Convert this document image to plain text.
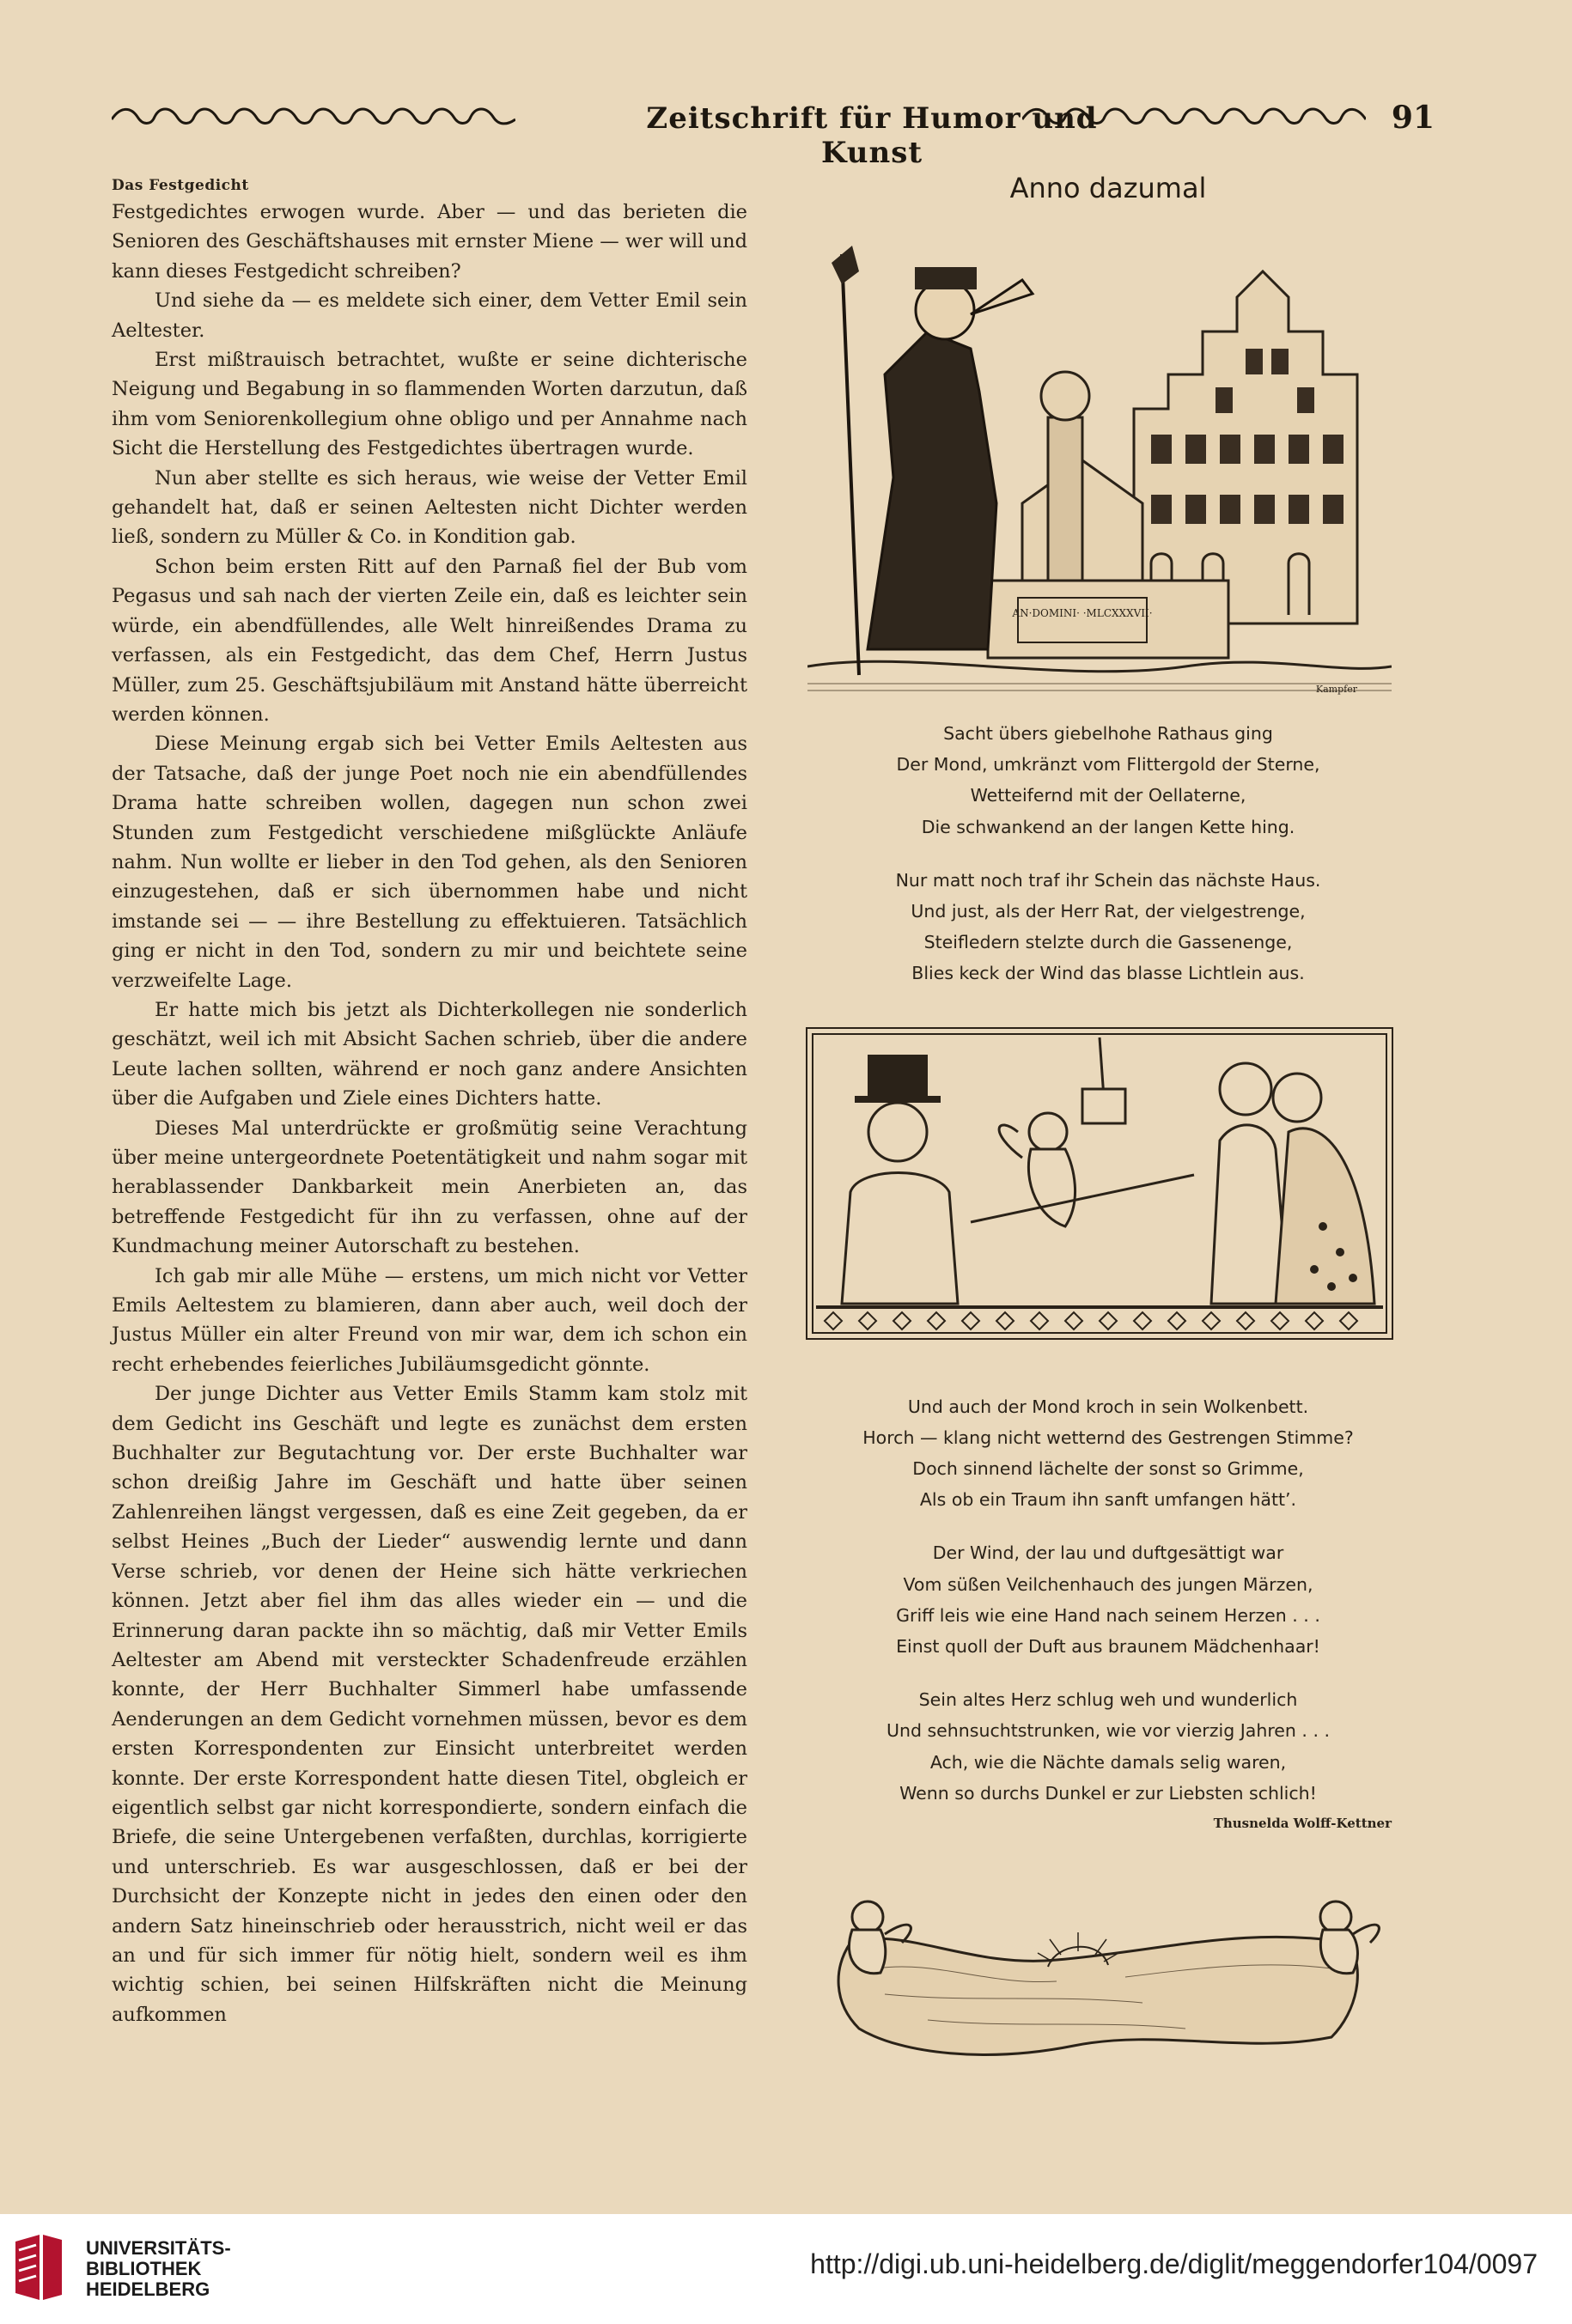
Zeitschrift für Humor und Kunst
91
Das Festgedicht

Festgedichtes erwogen wurde. Aber — und das berieten die Senioren des Geschäftshauses mit ernster Miene — wer will und kann dieses Festgedicht schreiben?

Und siehe da — es meldete sich einer, dem Vetter Emil sein Aeltester.

Erst mißtrauisch betrachtet, wußte er seine dichterische Neigung und Begabung in so flammenden Worten darzutun, daß ihm vom Seniorenkollegium ohne obligo und per Annahme nach Sicht die Herstellung des Festgedichtes übertragen wurde.

Nun aber stellte es sich heraus, wie weise der Vetter Emil gehandelt hat, daß er seinen Aeltesten nicht Dichter werden ließ, sondern zu Müller & Co. in Kondition gab.

Schon beim ersten Ritt auf den Parnaß fiel der Bub vom Pegasus und sah nach der vierten Zeile ein, daß es leichter sein würde, ein abendfüllendes, alle Welt hinreißendes Drama zu verfassen, als ein Festgedicht, das dem Chef, Herrn Justus Müller, zum 25. Geschäftsjubiläum mit Anstand hätte überreicht werden können.

Diese Meinung ergab sich bei Vetter Emils Aeltesten aus der Tatsache, daß der junge Poet noch nie ein abendfüllendes Drama hatte schreiben wollen, dagegen nun schon zwei Stunden zum Festgedicht verschiedene mißglückte Anläufe nahm. Nun wollte er lieber in den Tod gehen, als den Senioren einzugestehen, daß er sich übernommen habe und nicht imstande sei — — ihre Bestellung zu effektuieren. Tatsächlich ging er nicht in den Tod, sondern zu mir und beichtete seine verzweifelte Lage.

Er hatte mich bis jetzt als Dichterkollegen nie sonderlich geschätzt, weil ich mit Absicht Sachen schrieb, über die andere Leute lachen sollten, während er noch ganz andere Ansichten über die Aufgaben und Ziele eines Dichters hatte.

Dieses Mal unterdrückte er großmütig seine Verachtung über meine untergeordnete Poetentätigkeit und nahm sogar mit herablassender Dankbarkeit mein Anerbieten an, das betreffende Festgedicht für ihn zu verfassen, ohne auf der Kundmachung meiner Autorschaft zu bestehen.

Ich gab mir alle Mühe — erstens, um mich nicht vor Vetter Emils Aeltestem zu blamieren, dann aber auch, weil doch der Justus Müller ein alter Freund von mir war, dem ich schon ein recht erhebendes feierliches Jubiläumsgedicht gönnte.

Der junge Dichter aus Vetter Emils Stamm kam stolz mit dem Gedicht ins Geschäft und legte es zunächst dem ersten Buchhalter zur Begutachtung vor. Der erste Buchhalter war schon dreißig Jahre im Geschäft und hatte über seinen Zahlenreihen längst vergessen, daß es eine Zeit gegeben, da er selbst Heines „Buch der Lieder“ auswendig lernte und dann Verse schrieb, vor denen der Heine sich hätte verkriechen können. Jetzt aber fiel ihm das alles wieder ein — und die Erinnerung daran packte ihn so mächtig, daß mir Vetter Emils Aeltester am Abend mit versteckter Schadenfreude erzählen konnte, der Herr Buchhalter Simmerl habe umfassende Aenderungen an dem Gedicht vornehmen müssen, bevor es dem ersten Korrespondenten zur Einsicht unterbreitet werden konnte. Der erste Korrespondent hatte diesen Titel, obgleich er eigentlich selbst gar nicht korrespondierte, sondern einfach die Briefe, die seine Untergebenen verfaßten, durchlas, korrigierte und unterschrieb. Es war ausgeschlossen, daß er bei der Durchsicht der Konzepte nicht in jedes den einen oder den andern Satz hineinschrieb oder herausstrich, nicht weil er das an und für sich immer für nötig hielt, sondern weil es ihm wichtig schien, bei seinen Hilfskräften nicht die Meinung aufkommen

Anno dazumal
AN·DOMINI· ·MLCXXXVII·
Kampfer
Sacht übers giebelhohe Rathaus ging
Der Mond, umkränzt vom Flittergold der Sterne,
Wetteifernd mit der Oellaterne,
Die schwankend an der langen Kette hing.
Nur matt noch traf ihr Schein das nächste Haus.
Und just, als der Herr Rat, der vielgestrenge,
Steifledern stelzte durch die Gassenenge,
Blies keck der Wind das blasse Lichtlein aus.
Und auch der Mond kroch in sein Wolkenbett.
Horch — klang nicht wetternd des Gestrengen Stimme?
Doch sinnend lächelte der sonst so Grimme,
Als ob ein Traum ihn sanft umfangen hätt’.
Der Wind, der lau und duftgesättigt war
Vom süßen Veilchenhauch des jungen Märzen,
Griff leis wie eine Hand nach seinem Herzen . . .
Einst quoll der Duft aus braunem Mädchenhaar!
Sein altes Herz schlug weh und wunderlich
Und sehnsuchtstrunken, wie vor vierzig Jahren . . .
Ach, wie die Nächte damals selig waren,
Wenn so durchs Dunkel er zur Liebsten schlich!
Thusnelda Wolff-Kettner
UNIVERSITÄTS-
BIBLIOTHEK
HEIDELBERG
http://digi.ub.uni-heidelberg.de/diglit/meggendorfer104/0097
